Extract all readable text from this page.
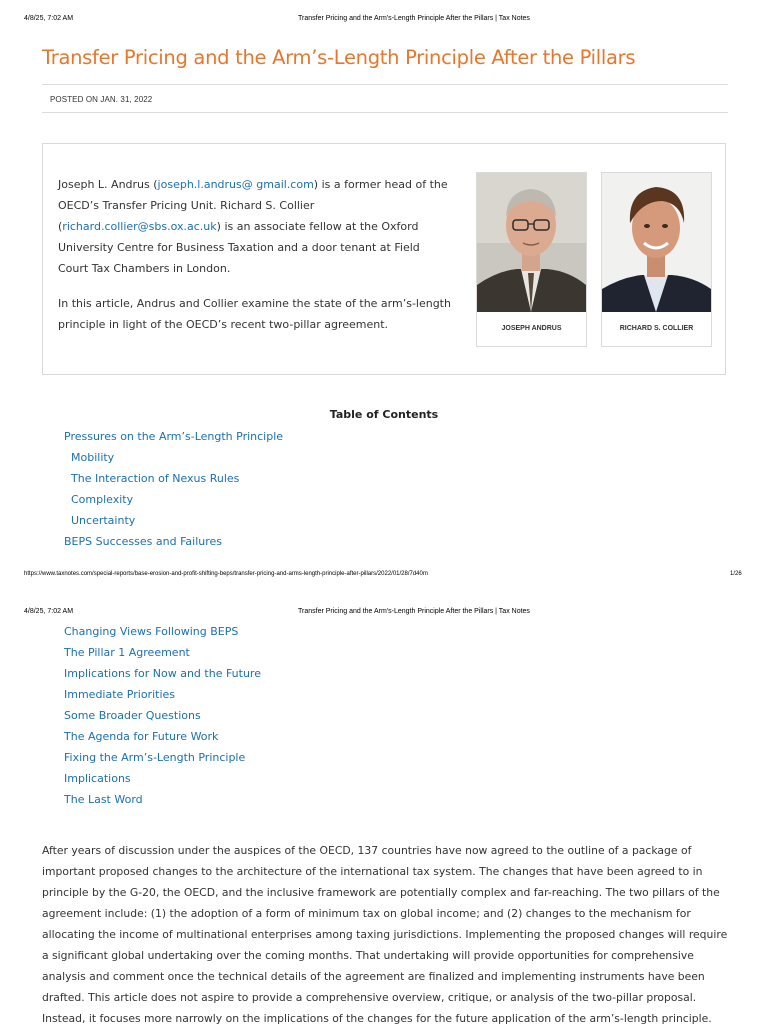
4/8/25, 7:02 AM	Transfer Pricing and the Arm's-Length Principle After the Pillars | Tax Notes
Transfer Pricing and the Arm’s-Length Principle After the Pillars
POSTED ON JAN. 31, 2022

Joseph L. Andrus (joseph.l.andrus@ gmail.com) is a former head of the OECD’s Transfer Pricing Unit. Richard S. Collier (richard.collier@sbs.ox.ac.uk) is an associate fellow at the Oxford University Centre for Business Taxation and a door tenant at Field Court Tax Chambers in London.

In this article, Andrus and Collier examine the state of the arm’s-length principle in light of the OECD’s recent two-pillar agreement.	JOSEPH ANDRUS	RICHARD S. COLLIER
Table of Contents
Pressures on the Arm’s-Length Principle
Mobility
The Interaction of Nexus Rules
Complexity
Uncertainty
BEPS Successes and Failures
https://www.taxnotes.com/special-reports/base-erosion-and-profit-shifting-beps/transfer-pricing-and-arms-length-principle-after-pillars/2022/01/28/7d40m	1/26
4/8/25, 7:02 AM	Transfer Pricing and the Arm's-Length Principle After the Pillars | Tax Notes
Changing Views Following BEPS
The Pillar 1 Agreement
Implications for Now and the Future
Immediate Priorities
Some Broader Questions
The Agenda for Future Work
Fixing the Arm’s-Length Principle
Implications
The Last Word

After years of discussion under the auspices of the OECD, 137 countries have now agreed to the outline of a package of important proposed changes to the architecture of the international tax system. The changes that have been agreed to in principle by the G-20, the OECD, and the inclusive framework are potentially complex and far-reaching. The two pillars of the agreement include: (1) the adoption of a form of minimum tax on global income; and (2) changes to the mechanism for allocating the income of multinational enterprises among taxing jurisdictions. Implementing the proposed changes will require a significant global undertaking over the coming months. That undertaking will provide opportunities for comprehensive analysis and comment once the technical details of the agreement are finalized and implementing instruments have been drafted. This article does not aspire to provide a comprehensive overview, critique, or analysis of the two-pillar proposal. Instead, it focuses more narrowly on the implications of the changes for the future application of the arm’s-length principle.
